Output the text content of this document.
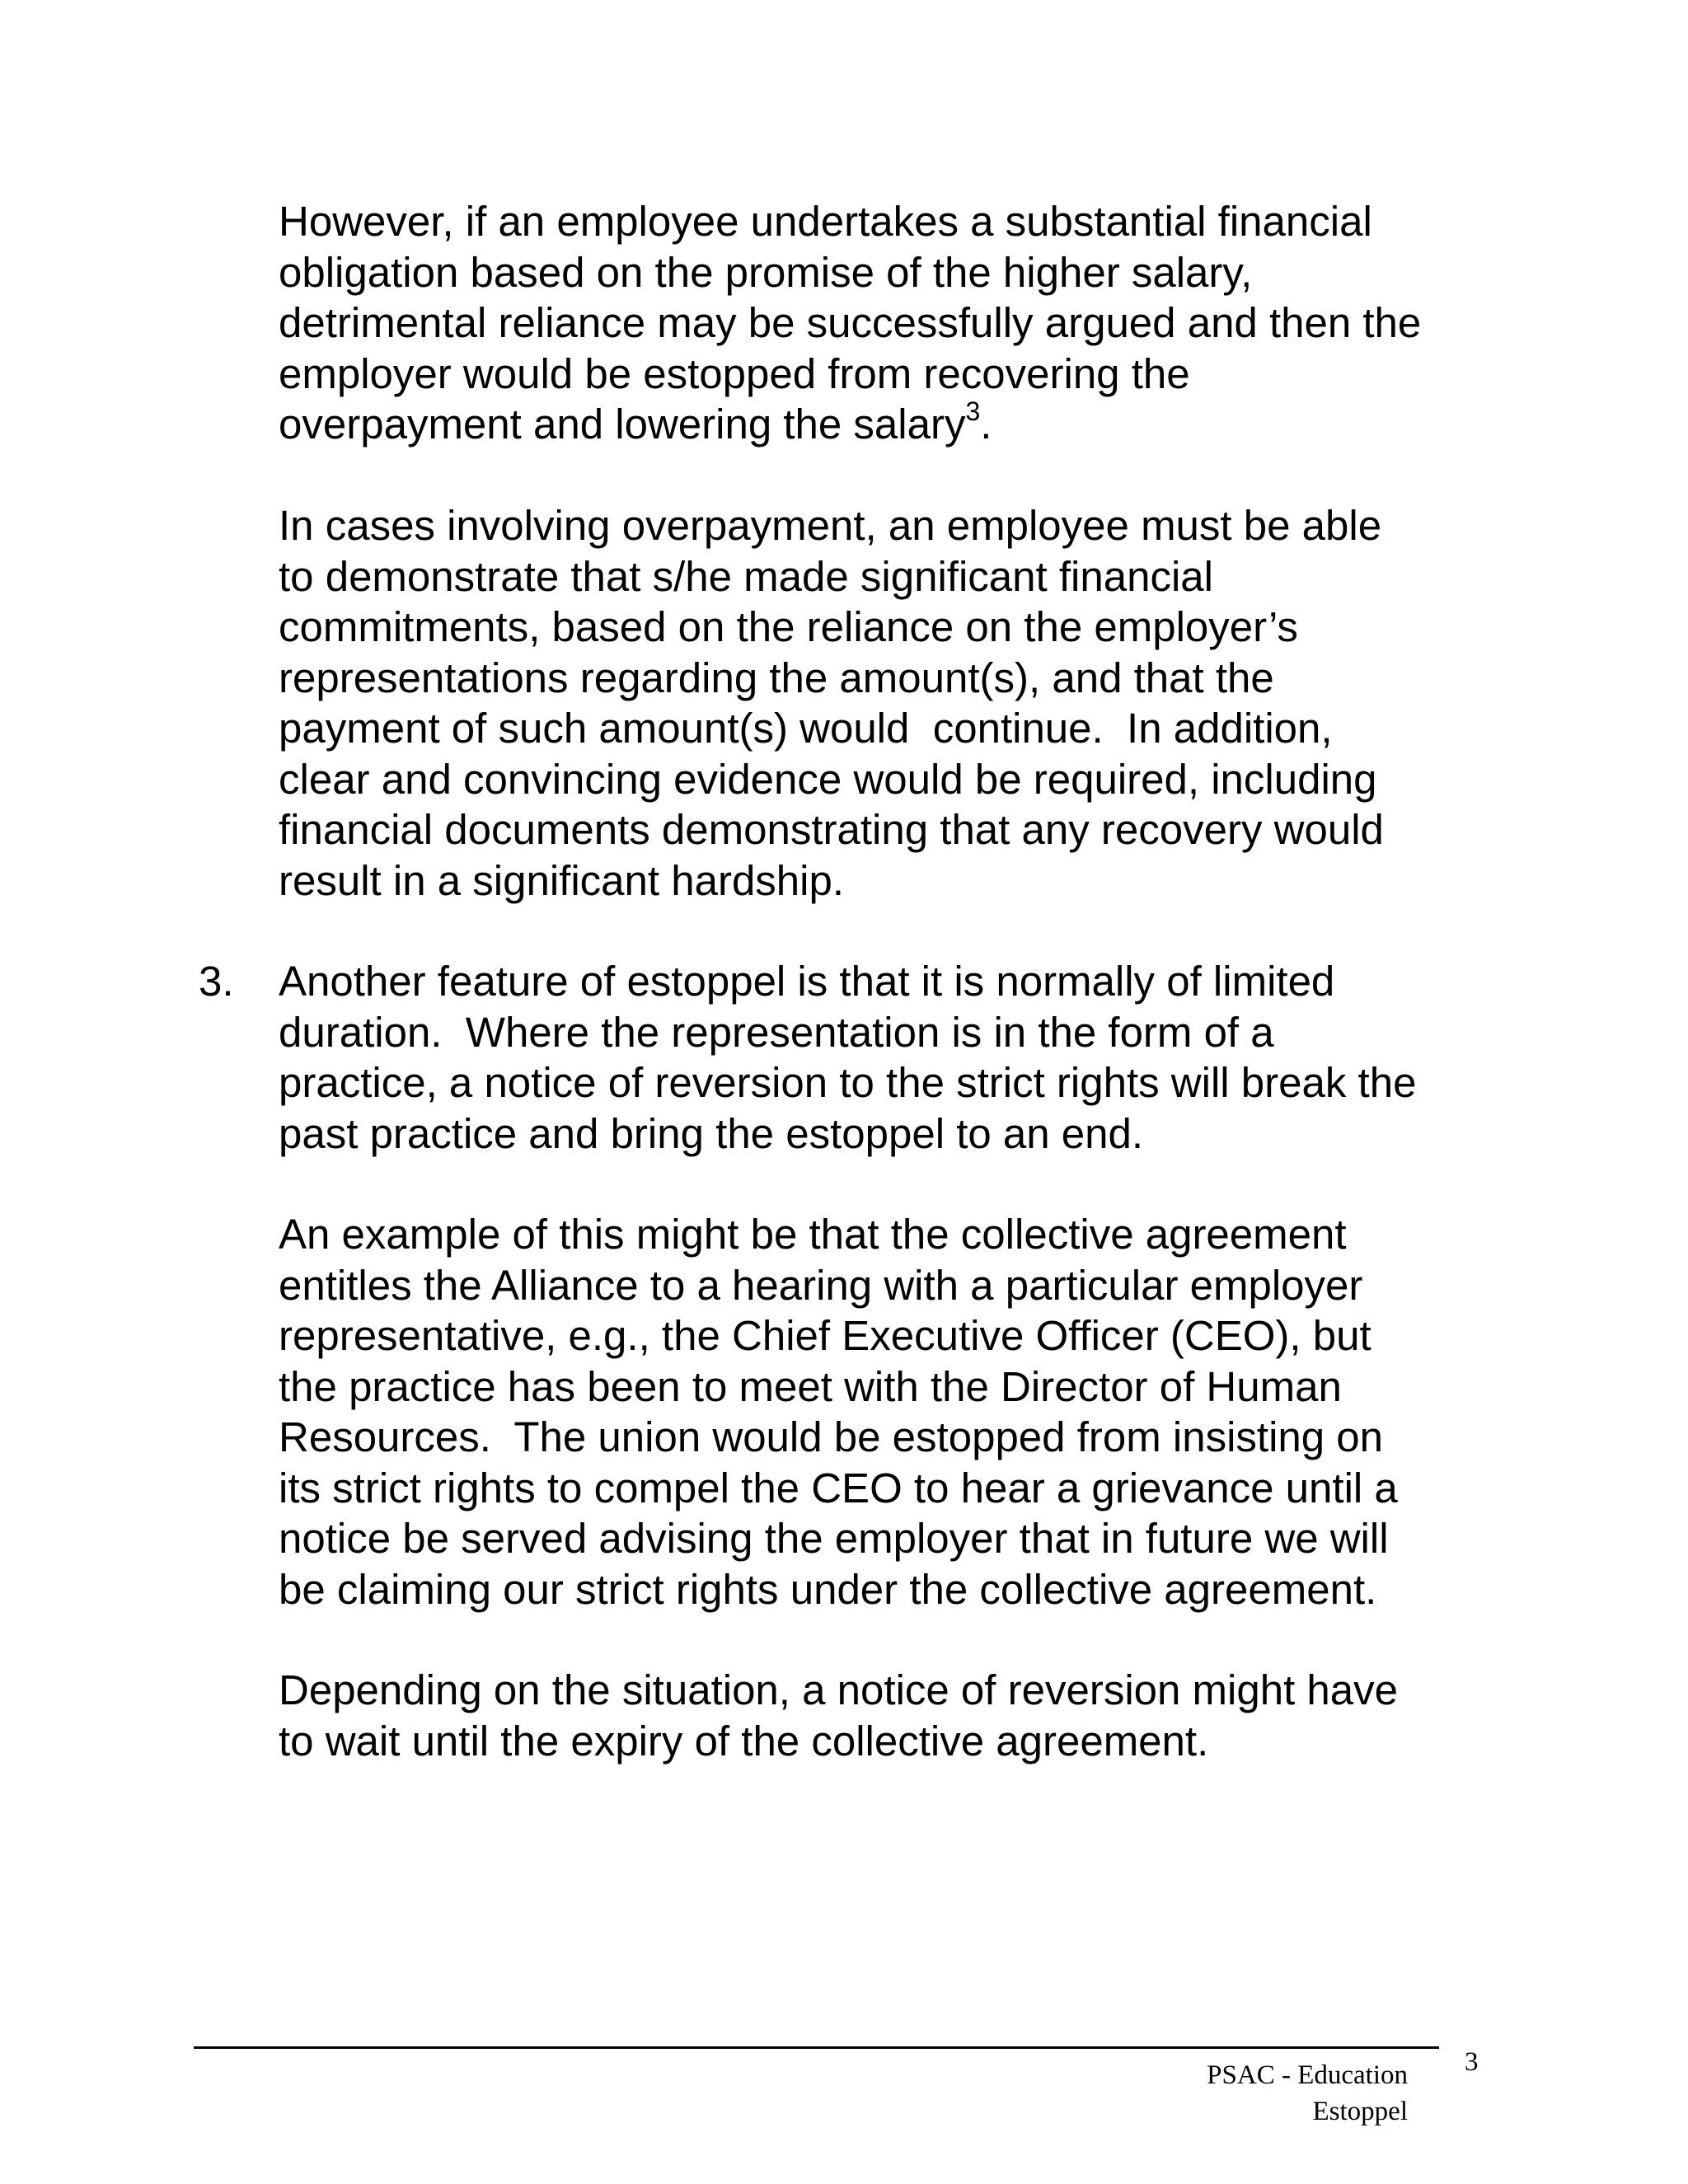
However, if an employee undertakes a substantial financial
obligation based on the promise of the higher salary,
detrimental reliance may be successfully argued and then the
employer would be estopped from recovering the
overpayment and lowering the salary$^3$.

In cases involving overpayment, an employee must be able
to demonstrate that s/he made significant financial
commitments, based on the reliance on the employer’s
representations regarding the amount(s), and that the
payment of such amount(s) would  continue.  In addition,
clear and convincing evidence would be required, including
financial documents demonstrating that any recovery would
result in a significant hardship.

3. Another feature of estoppel is that it is normally of limited
duration.  Where the representation is in the form of a
practice, a notice of reversion to the strict rights will break the
past practice and bring the estoppel to an end.

An example of this might be that the collective agreement
entitles the Alliance to a hearing with a particular employer
representative, e.g., the Chief Executive Officer (CEO), but
the practice has been to meet with the Director of Human
Resources.  The union would be estopped from insisting on
its strict rights to compel the CEO to hear a grievance until a
notice be served advising the employer that in future we will
be claiming our strict rights under the collective agreement.

Depending on the situation, a notice of reversion might have
to wait until the expiry of the collective agreement.

PSAC - Education
Estoppel
3
